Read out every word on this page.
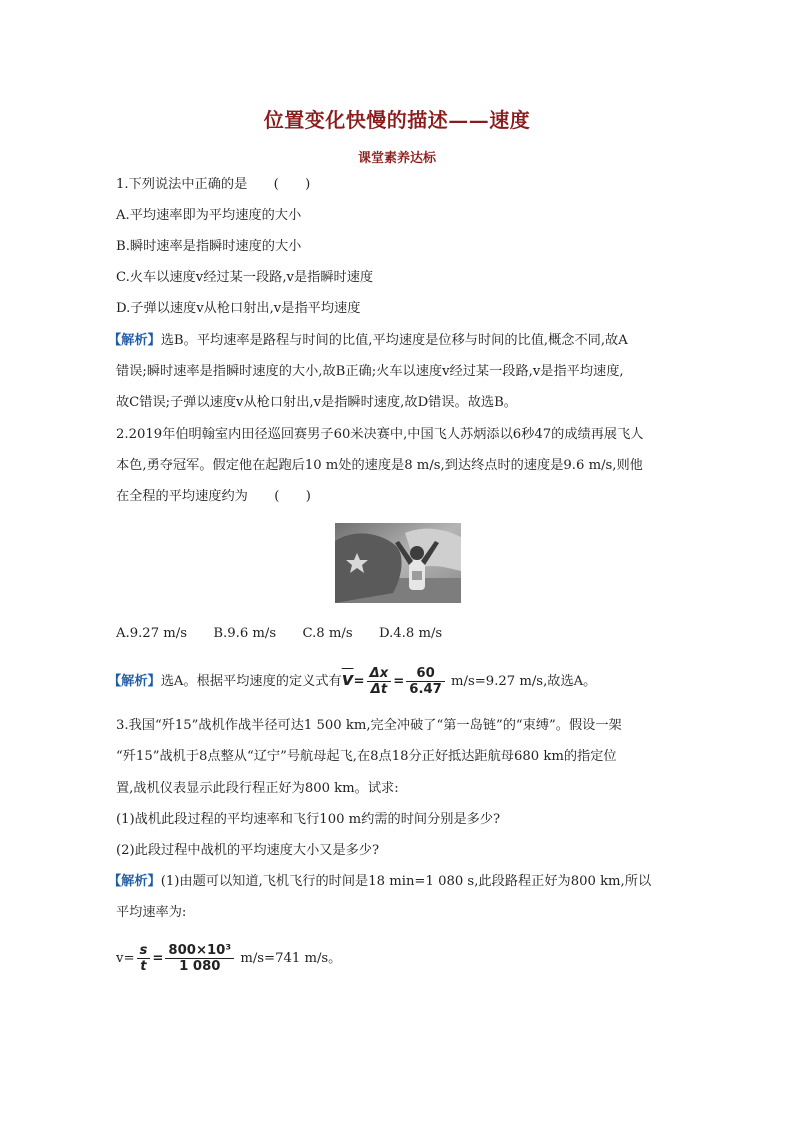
位置变化快慢的描述——速度
课堂素养达标
1.下列说法中正确的是　　(　　)
A.平均速率即为平均速度的大小
B.瞬时速率是指瞬时速度的大小
C.火车以速度v经过某一段路,v是指瞬时速度
D.子弹以速度v从枪口射出,v是指平均速度
【解析】选B。平均速率是路程与时间的比值,平均速度是位移与时间的比值,概念不同,故A
错误;瞬时速率是指瞬时速度的大小,故B正确;火车以速度v经过某一段路,v是指平均速度,
故C错误;子弹以速度v从枪口射出,v是指瞬时速度,故D错误。故选B。
2.2019年伯明翰室内田径巡回赛男子60米决赛中,中国飞人苏炳添以6秒47的成绩再展飞人
本色,勇夺冠军。假定他在起跑后10 m处的速度是8 m/s,到达终点时的速度是9.6 m/s,则他
在全程的平均速度约为　　(　　)
A.9.27 m/s　　B.9.6 m/s　　C.8 m/s　　D.4.8 m/s
【解析】选A。根据平均速度的定义式有$\overline{v}= \frac{\Delta x}{\Delta t} = \frac{60}{6.47} m/s=9.27$ m/s,故选A。
3.我国“歼15”战机作战半径可达1 500 km,完全冲破了“第一岛链”的“束缚”。假设一架
“歼15”战机于8点整从“辽宁”号航母起飞,在8点18分正好抵达距航母680 km的指定位
置,战机仪表显示此段行程正好为800 km。试求:
(1)战机此段过程的平均速率和飞行100 m约需的时间分别是多少?
(2)此段过程中战机的平均速度大小又是多少?
【解析】(1)由题可以知道,飞机飞行的时间是18 min=1 080 s,此段路程正好为800 km,所以
平均速率为:
$v= \frac{s}{t} = \frac{\text{800×10³}}{1 080} m/s=741$ m/s。
